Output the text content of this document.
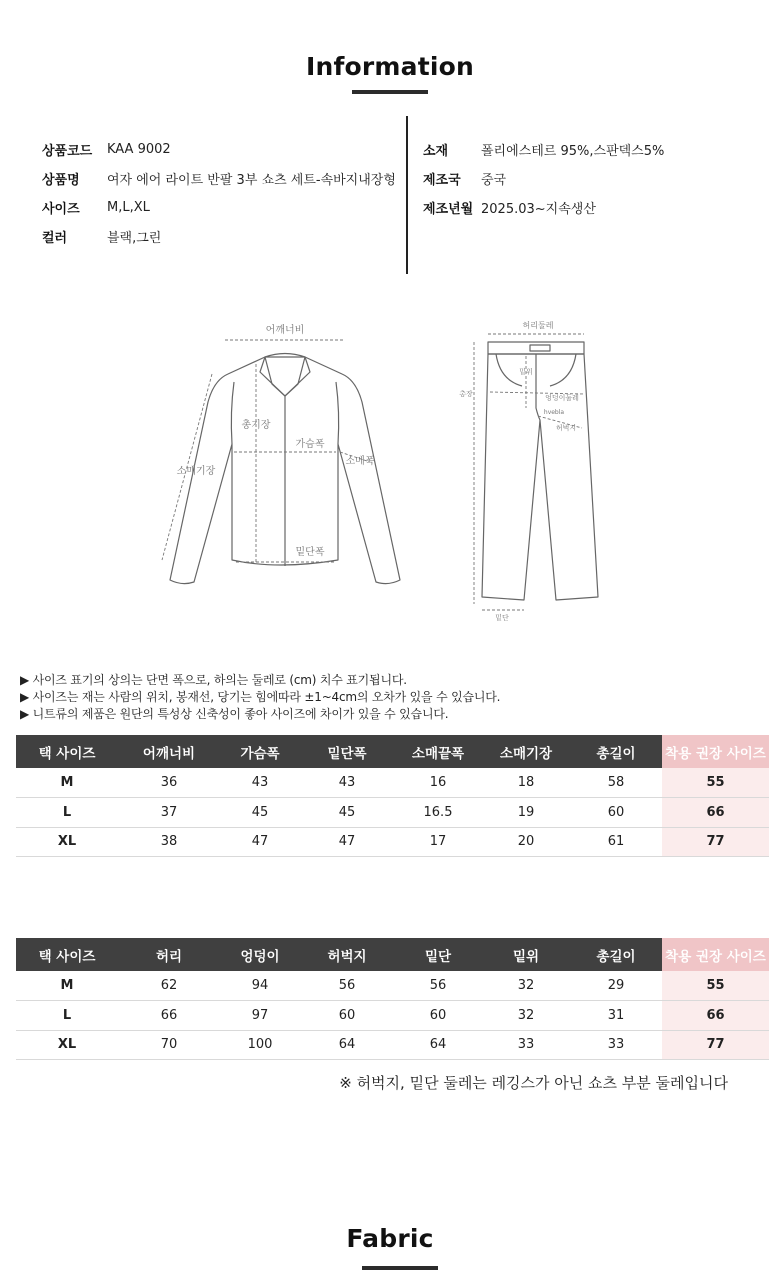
Information
상품코드	KAA 9002
상품명	여자 에어 라이트 반팔 3부 쇼츠 세트-속바지내장형
사이즈	M,L,XL
컬러	블랙,그린
소재	폴리에스테르 95%,스판덱스5%
제조국	중국
제조년월 2025.03~지속생산
어깨너비
총기장
가슴폭
소매폭
소매기장
밑단폭
허리둘레
밑위
엉덩이둘레
hvebla
허벅지
총장
밑단
▶ 사이즈 표기의 상의는 단면 폭으로, 하의는 둘레로 (cm) 치수 표기됩니다.
▶ 사이즈는 재는 사람의 위치, 봉재선, 당기는 힘에따라 ±1~4cm의 오차가 있을 수 있습니다.
▶ 니트류의 제품은 원단의 특성상 신축성이 좋아 사이즈에 차이가 있을 수 있습니다.
택 사이즈	어깨너비	가슴폭	밑단폭	소매끝폭	소매기장	총길이	착용 권장 사이즈
M	36	43	43	16	18	58	55
L	37	45	45	16.5	19	60	66
XL	38	47	47	17	20	61	77
택 사이즈	허리	엉덩이	허벅지	밑단	밑위	총길이	착용 권장 사이즈
M	62	94	56	56	32	29	55
L	66	97	60	60	32	31	66
XL	70	100	64	64	33	33	77
※ 허벅지, 밑단 둘레는 레깅스가 아닌 쇼츠 부분 둘레입니다
Fabric
